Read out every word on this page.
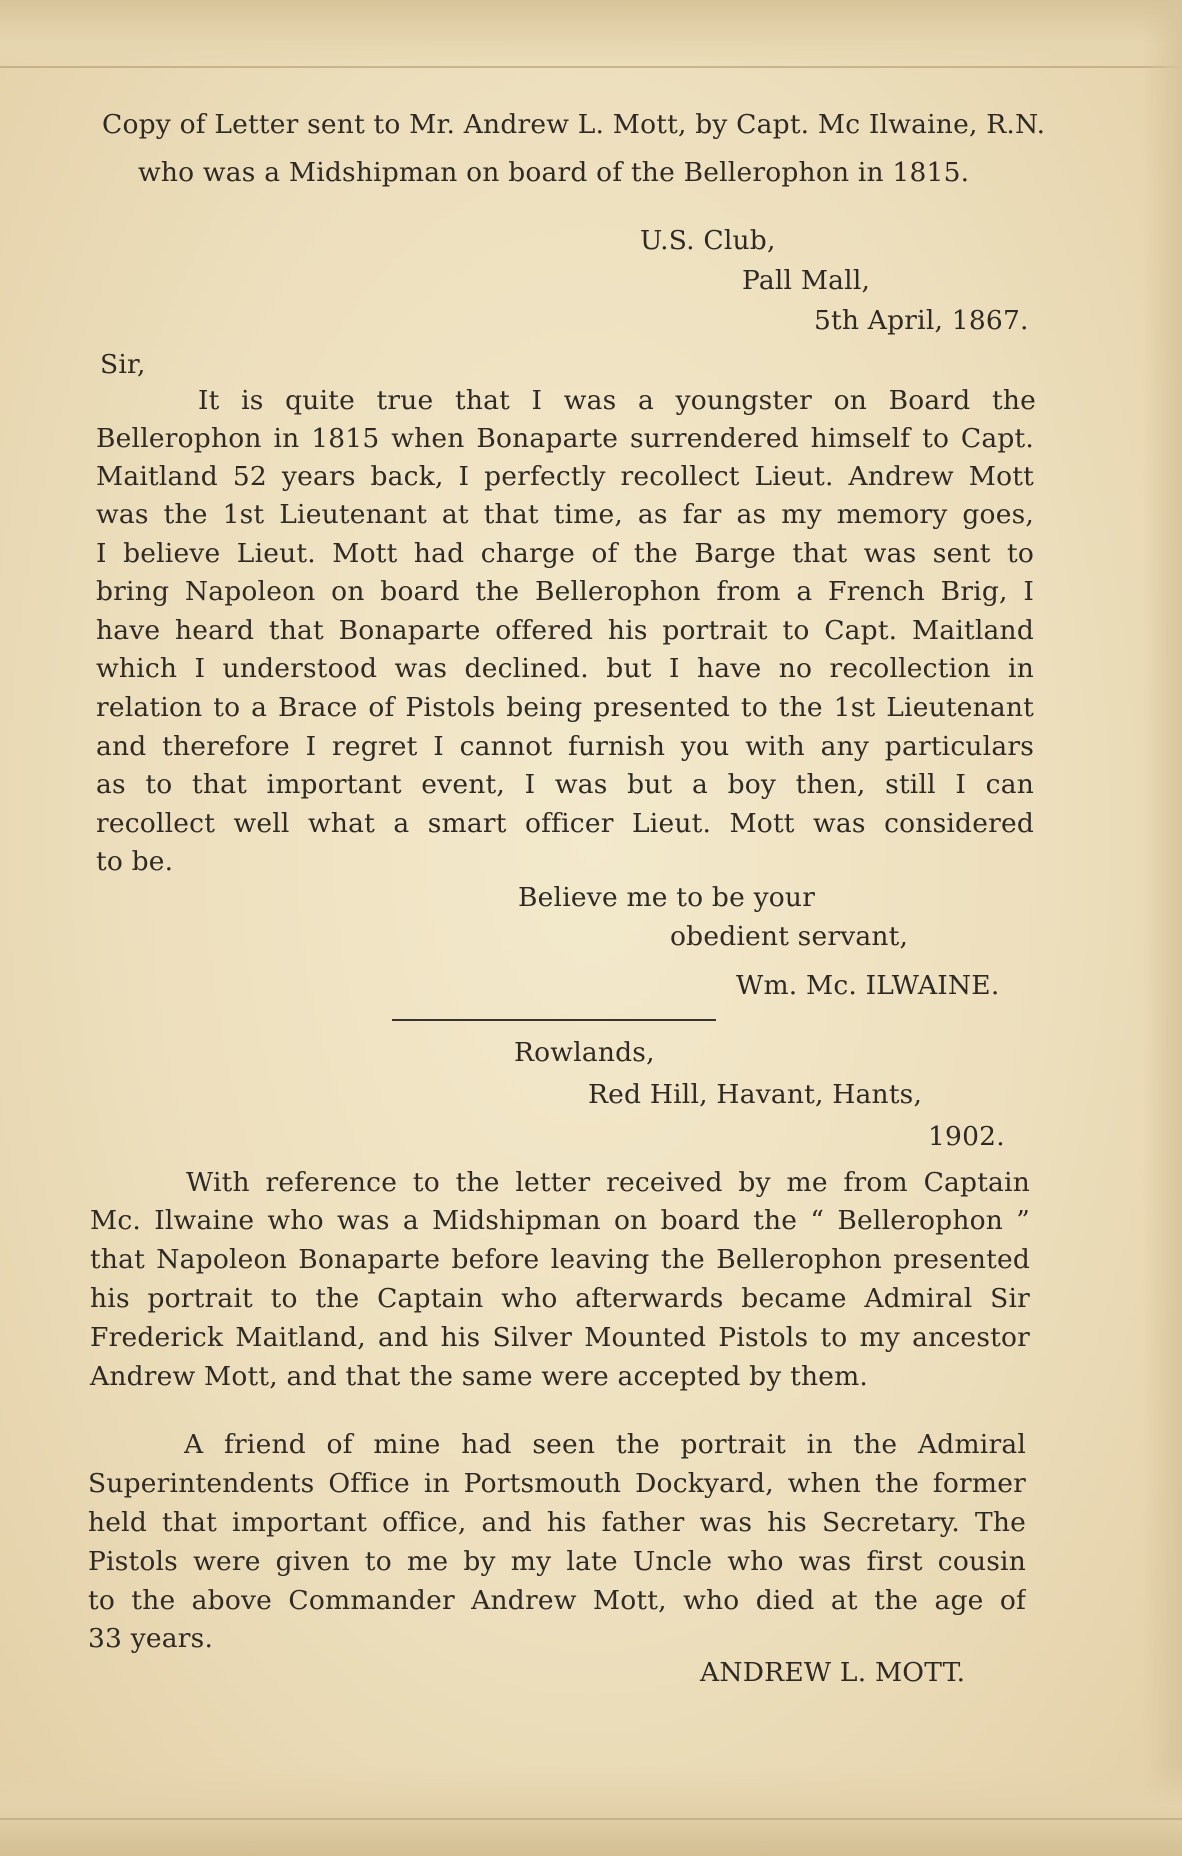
Copy of Letter sent to Mr. Andrew L. Mott, by Capt. Mc Ilwaine, R.N.
who was a Midshipman on board of the Bellerophon in 1815.
U.S. Club,
Pall Mall,
5th April, 1867.
Sir,
It is quite true that I was a youngster on Board the
Bellerophon in 1815 when Bonaparte surrendered himself to Capt.
Maitland 52 years back, I perfectly recollect Lieut. Andrew Mott
was the 1st Lieutenant at that time, as far as my memory goes,
I believe Lieut. Mott had charge of the Barge that was sent to
bring Napoleon on board the Bellerophon from a French Brig, I
have heard that Bonaparte offered his portrait to Capt. Maitland
which I understood was declined. but I have no recollection in
relation to a Brace of Pistols being presented to the 1st Lieutenant
and therefore I regret I cannot furnish you with any particulars
as to that important event, I was but a boy then, still I can
recollect well what a smart officer Lieut. Mott was considered
to be.
Believe me to be your
obedient servant,
Wm. Mc. ILWAINE.
Rowlands,
Red Hill, Havant, Hants,
1902.
With reference to the letter received by me from Captain
Mc. Ilwaine who was a Midshipman on board the “ Bellerophon ”
that Napoleon Bonaparte before leaving the Bellerophon presented
his portrait to the Captain who afterwards became Admiral Sir
Frederick Maitland, and his Silver Mounted Pistols to my ancestor
Andrew Mott, and that the same were accepted by them.
A friend of mine had seen the portrait in the Admiral
Superintendents Office in Portsmouth Dockyard, when the former
held that important office, and his father was his Secretary. The
Pistols were given to me by my late Uncle who was first cousin
to the above Commander Andrew Mott, who died at the age of
33 years.
ANDREW L. MOTT.
